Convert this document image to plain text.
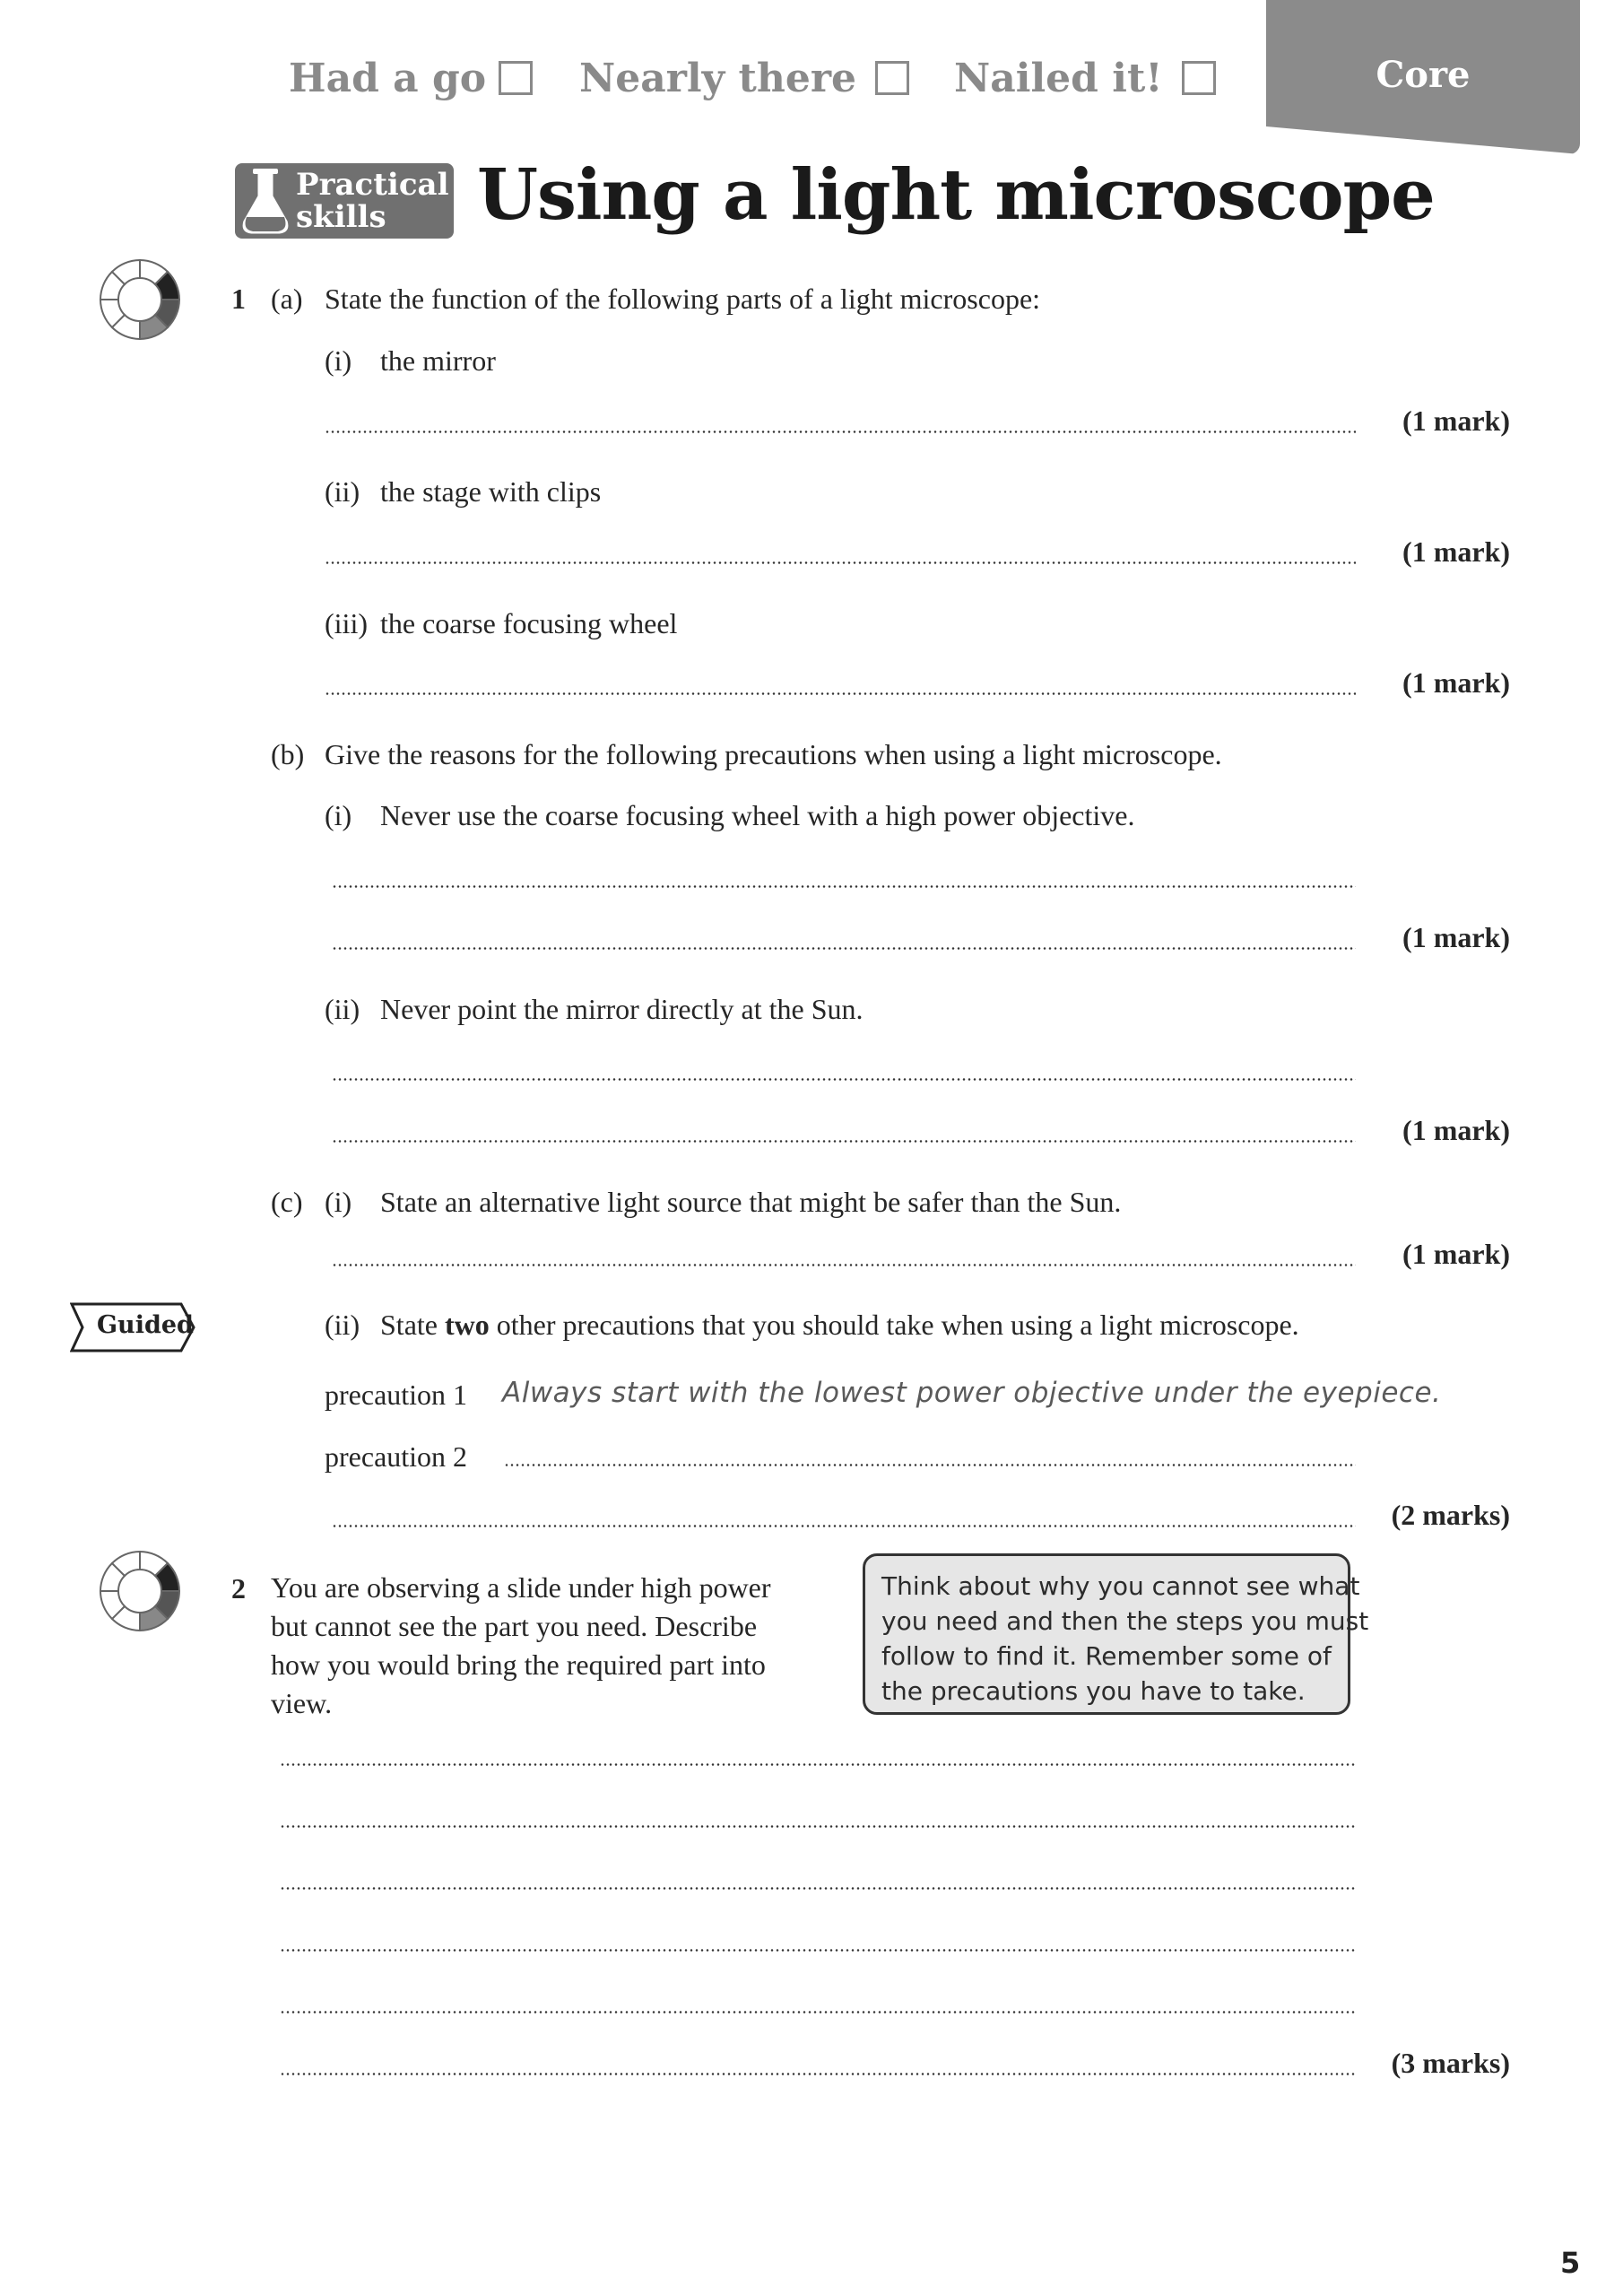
Had a go Nearly there Nailed it!	Core
Practical
skills	Using a light microscope
1 (a) State the function of the following parts of a light microscope:
(i) the mirror
(1 mark)
(ii) the stage with clips
(1 mark)
(iii) the coarse focusing wheel
(1 mark)
(b) Give the reasons for the following precautions when using a light microscope.
(i) Never use the coarse focusing wheel with a high power objective.
(1 mark)
(ii) Never point the mirror directly at the Sun.
(1 mark)
(c) (i) State an alternative light source that might be safer than the Sun.
(1 mark)
Guided	(ii) State two other precautions that you should take when using a light microscope.
precaution 1 Always start with the lowest power objective under the eyepiece.
precaution 2
(2 marks)
2 You are observing a slide under high power
but cannot see the part you need. Describe
how you would bring the required part into
view.
Think about why you cannot see what
you need and then the steps you must
follow to find it. Remember some of
the precautions you have to take.
(3 marks)
5
